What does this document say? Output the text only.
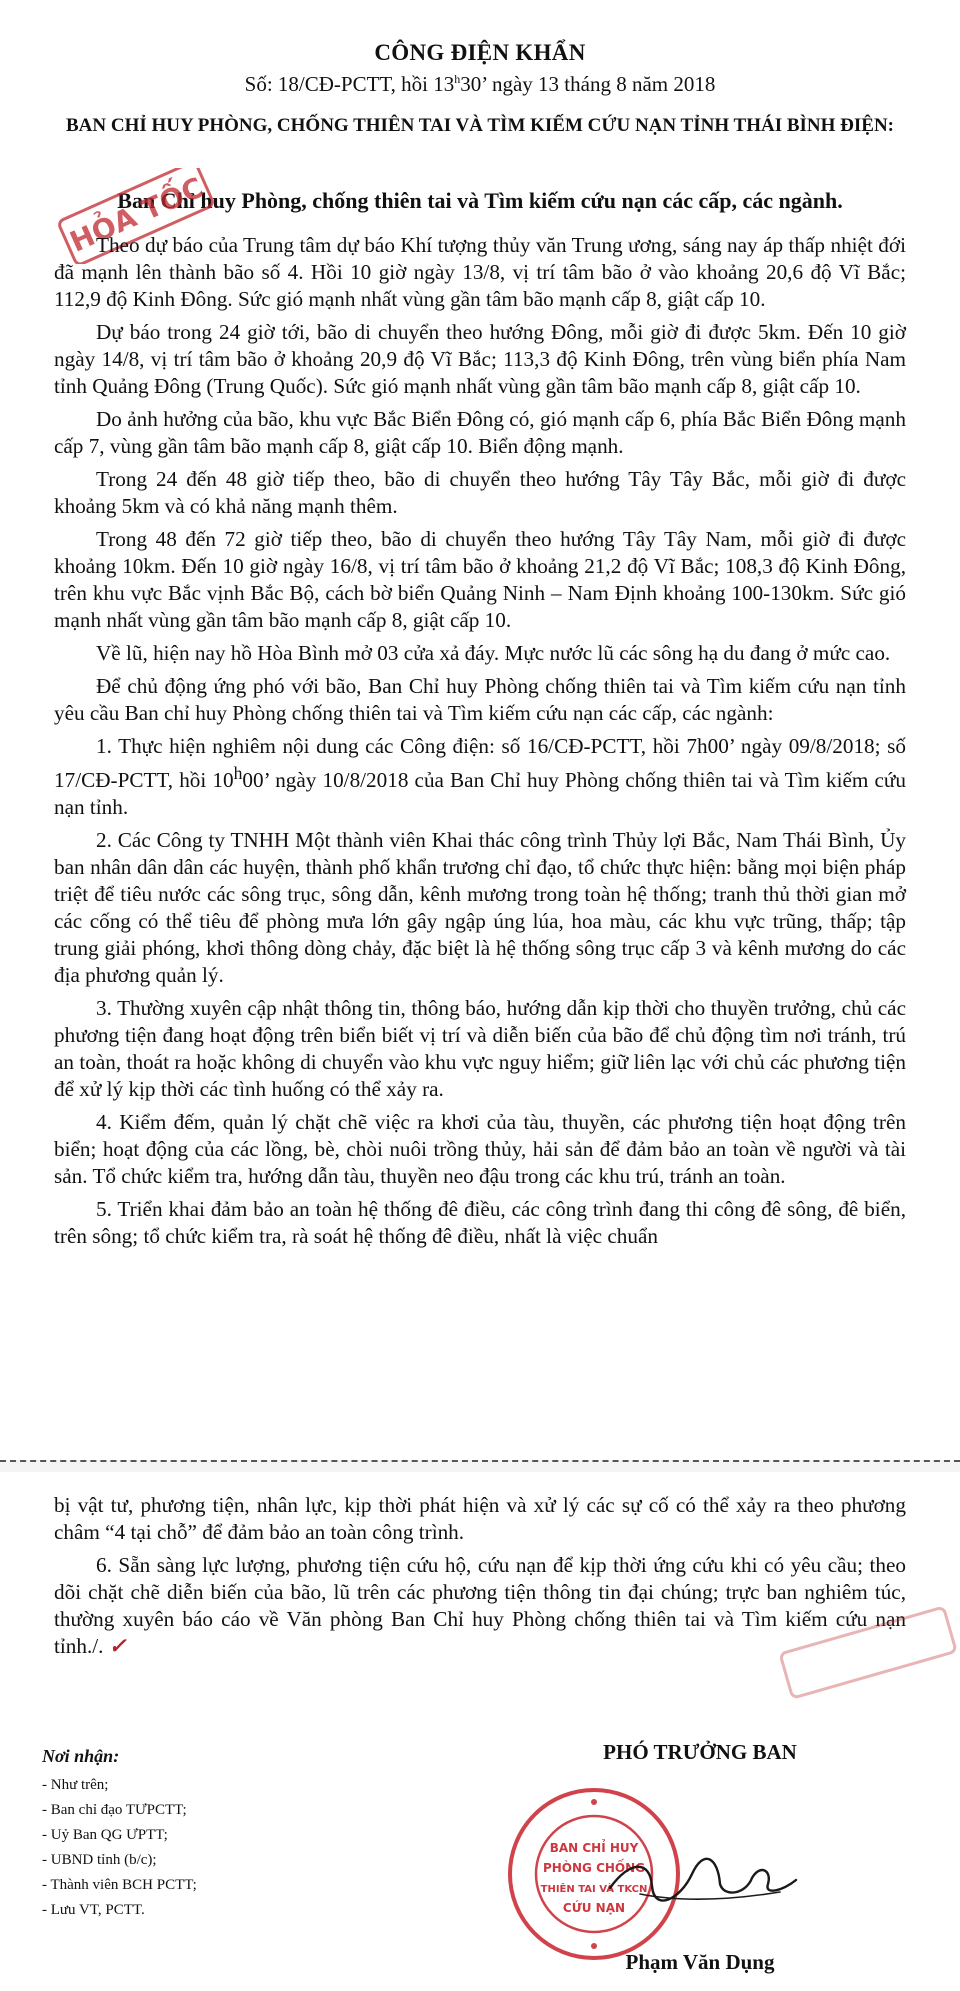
CÔNG ĐIỆN KHẨN
Số: 18/CĐ-PCTT, hồi 13$^h$30’ ngày 13 tháng 8 năm 2018
BAN CHỈ HUY PHÒNG, CHỐNG THIÊN TAI VÀ TÌM KIẾM CỨU NẠN TỈNH THÁI BÌNH ĐIỆN:
Ban Chỉ huy Phòng, chống thiên tai và Tìm kiếm cứu nạn các cấp, các ngành.
HỎA TỐC

Theo dự báo của Trung tâm dự báo Khí tượng thủy văn Trung ương, sáng nay áp thấp nhiệt đới đã mạnh lên thành bão số 4. Hồi 10 giờ ngày 13/8, vị trí tâm bão ở vào khoảng 20,6 độ Vĩ Bắc; 112,9 độ Kinh Đông. Sức gió mạnh nhất vùng gần tâm bão mạnh cấp 8, giật cấp 10.

Dự báo trong 24 giờ tới, bão di chuyển theo hướng Đông, mỗi giờ đi được 5km. Đến 10 giờ ngày 14/8, vị trí tâm bão ở khoảng 20,9 độ Vĩ Bắc; 113,3 độ Kinh Đông, trên vùng biển phía Nam tỉnh Quảng Đông (Trung Quốc). Sức gió mạnh nhất vùng gần tâm bão mạnh cấp 8, giật cấp 10.

Do ảnh hưởng của bão, khu vực Bắc Biển Đông có, gió mạnh cấp 6, phía Bắc Biển Đông mạnh cấp 7, vùng gần tâm bão mạnh cấp 8, giật cấp 10. Biển động mạnh.

Trong 24 đến 48 giờ tiếp theo, bão di chuyển theo hướng Tây Tây Bắc, mỗi giờ đi được khoảng 5km và có khả năng mạnh thêm.

Trong 48 đến 72 giờ tiếp theo, bão di chuyển theo hướng Tây Tây Nam, mỗi giờ đi được khoảng 10km. Đến 10 giờ ngày 16/8, vị trí tâm bão ở khoảng 21,2 độ Vĩ Bắc; 108,3 độ Kinh Đông, trên khu vực Bắc vịnh Bắc Bộ, cách bờ biển Quảng Ninh – Nam Định khoảng 100-130km. Sức gió mạnh nhất vùng gần tâm bão mạnh cấp 8, giật cấp 10.

Về lũ, hiện nay hồ Hòa Bình mở 03 cửa xả đáy. Mực nước lũ các sông hạ du đang ở mức cao.

Để chủ động ứng phó với bão, Ban Chỉ huy Phòng chống thiên tai và Tìm kiếm cứu nạn tỉnh yêu cầu Ban chỉ huy Phòng chống thiên tai và Tìm kiếm cứu nạn các cấp, các ngành:

1. Thực hiện nghiêm nội dung các Công điện: số 16/CĐ-PCTT, hồi 7h00’ ngày 09/8/2018; số 17/CĐ-PCTT, hồi 10$^h$00’ ngày 10/8/2018 của Ban Chỉ huy Phòng chống thiên tai và Tìm kiếm cứu nạn tỉnh.

2. Các Công ty TNHH Một thành viên Khai thác công trình Thủy lợi Bắc, Nam Thái Bình, Ủy ban nhân dân dân các huyện, thành phố khẩn trương chỉ đạo, tổ chức thực hiện: bằng mọi biện pháp triệt để tiêu nước các sông trục, sông dẫn, kênh mương trong toàn hệ thống; tranh thủ thời gian mở các cống có thể tiêu để phòng mưa lớn gây ngập úng lúa, hoa màu, các khu vực trũng, thấp; tập trung giải phóng, khơi thông dòng chảy, đặc biệt là hệ thống sông trục cấp 3 và kênh mương do các địa phương quản lý.

3. Thường xuyên cập nhật thông tin, thông báo, hướng dẫn kịp thời cho thuyền trưởng, chủ các phương tiện đang hoạt động trên biển biết vị trí và diễn biến của bão để chủ động tìm nơi tránh, trú an toàn, thoát ra hoặc không di chuyển vào khu vực nguy hiểm; giữ liên lạc với chủ các phương tiện để xử lý kịp thời các tình huống có thể xảy ra.

4. Kiểm đếm, quản lý chặt chẽ việc ra khơi của tàu, thuyền, các phương tiện hoạt động trên biển; hoạt động của các lồng, bè, chòi nuôi trồng thủy, hải sản để đảm bảo an toàn về người và tài sản. Tổ chức kiểm tra, hướng dẫn tàu, thuyền neo đậu trong các khu trú, tránh an toàn.

5. Triển khai đảm bảo an toàn hệ thống đê điều, các công trình đang thi công đê sông, đê biển, trên sông; tổ chức kiểm tra, rà soát hệ thống đê điều, nhất là việc chuẩn

bị vật tư, phương tiện, nhân lực, kịp thời phát hiện và xử lý các sự cố có thể xảy ra theo phương châm “4 tại chỗ” để đảm bảo an toàn công trình.

6. Sẵn sàng lực lượng, phương tiện cứu hộ, cứu nạn để kịp thời ứng cứu khi có yêu cầu; theo dõi chặt chẽ diễn biến của bão, lũ trên các phương tiện thông tin đại chúng; trực ban nghiêm túc, thường xuyên báo cáo về Văn phòng Ban Chỉ huy Phòng chống thiên tai và Tìm kiếm cứu nạn tỉnh./. ✓

Nơi nhận:
- Như trên;
- Ban chỉ đạo TƯPCTT;
- Uỷ Ban QG ƯPTT;
- UBND tỉnh (b/c);
- Thành viên BCH PCTT;
- Lưu VT, PCTT.
PHÓ TRƯỞNG BAN
BAN CHỈ HUY
PHÒNG CHỐNG
THIÊN TAI VÀ TKCN
CỨU NẠN
Phạm Văn Dụng
